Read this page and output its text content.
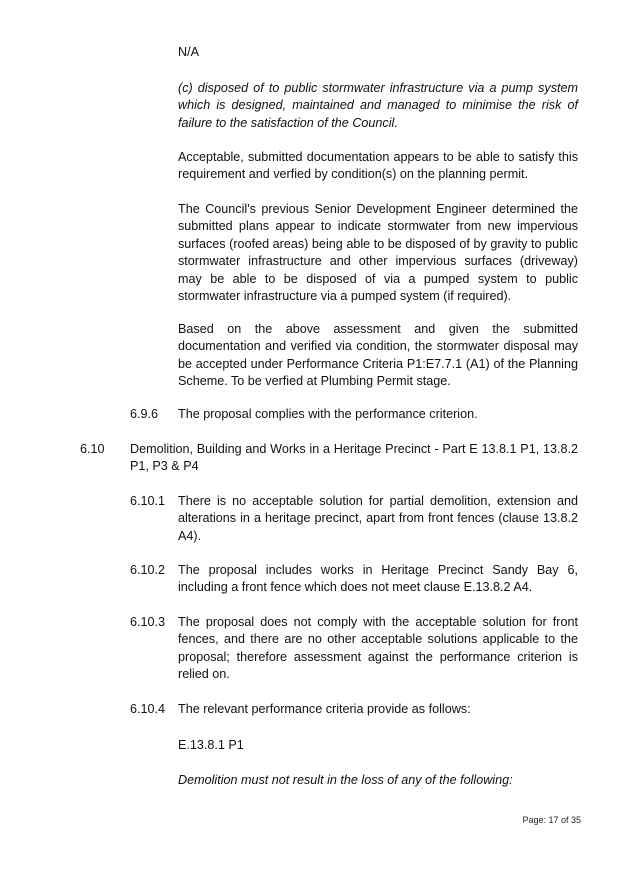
N/A

(c) disposed of to public stormwater infrastructure via a pump system which is designed, maintained and managed to minimise the risk of failure to the satisfaction of the Council.

Acceptable, submitted documentation appears to be able to satisfy this requirement and verfied by condition(s) on the planning permit.

The Council's previous Senior Development Engineer determined the submitted plans appear to indicate stormwater from new impervious surfaces (roofed areas) being able to be disposed of by gravity to public stormwater infrastructure and other impervious surfaces (driveway) may be able to be disposed of via a pumped system to public stormwater infrastructure via a pumped system (if required).

Based on the above assessment and given the submitted documentation and verified via condition, the stormwater disposal may be accepted under Performance Criteria P1:E7.7.1 (A1) of the Planning Scheme. To be verfied at Plumbing Permit stage.

6.9.6 The proposal complies with the performance criterion.

6.10 Demolition, Building and Works in a Heritage Precinct - Part E 13.8.1 P1, 13.8.2 P1, P3 & P4

6.10.1 There is no acceptable solution for partial demolition, extension and alterations in a heritage precinct, apart from front fences (clause 13.8.2 A4).

6.10.2 The proposal includes works in Heritage Precinct Sandy Bay 6, including a front fence which does not meet clause E.13.8.2 A4.

6.10.3 The proposal does not comply with the acceptable solution for front fences, and there are no other acceptable solutions applicable to the proposal; therefore assessment against the performance criterion is relied on.

6.10.4 The relevant performance criteria provide as follows:

E.13.8.1 P1

Demolition must not result in the loss of any of the following:

Page: 17 of 35
